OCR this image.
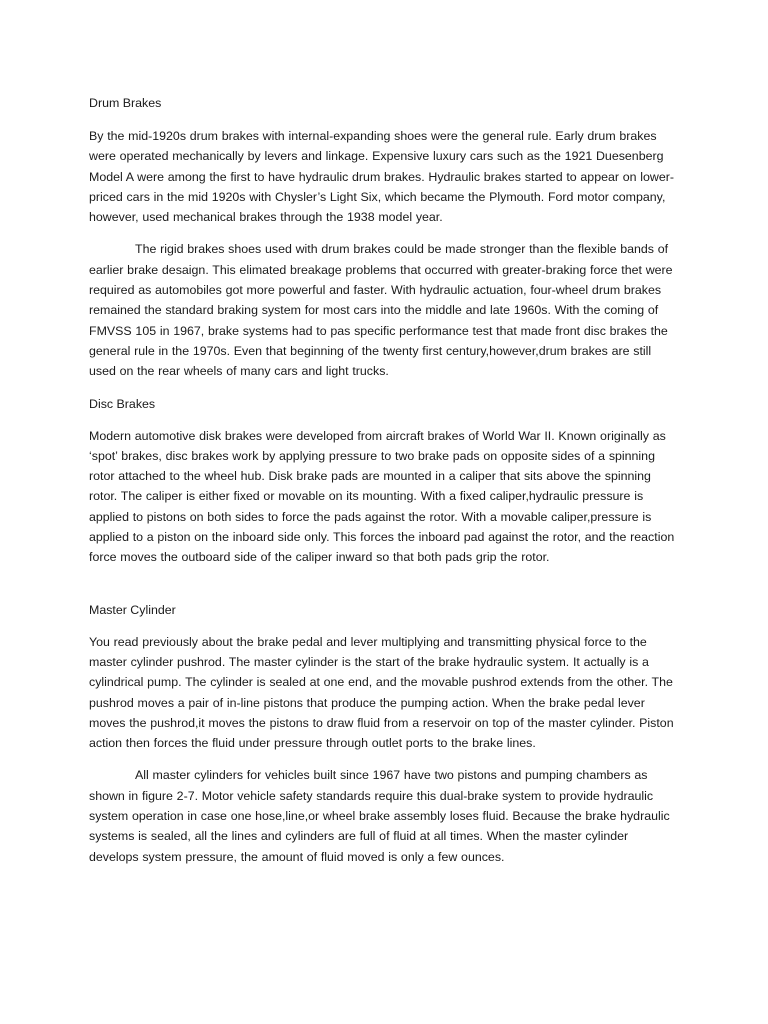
Drum Brakes

By the mid-1920s drum brakes with internal-expanding shoes were the general rule. Early drum brakes were operated mechanically by levers and linkage. Expensive luxury cars such as the 1921 Duesenberg Model A were among the first to have hydraulic drum brakes. Hydraulic brakes started to appear on lower-priced cars in the mid 1920s with Chysler’s Light Six, which became the Plymouth. Ford motor company, however, used mechanical brakes through the 1938 model year.

The rigid brakes shoes used with drum brakes could be made stronger than the flexible bands of earlier brake desaign. This elimated breakage problems that occurred with greater-braking force thet were required as automobiles got more powerful and faster. With hydraulic actuation, four-wheel drum brakes remained the standard braking system for most cars into the middle and late 1960s. With the coming of FMVSS 105 in 1967, brake systems had to pas specific performance test that made front disc brakes the general rule in the 1970s. Even that beginning of the twenty first century,however,drum brakes are still used on the rear wheels of many cars and light trucks.

Disc Brakes

Modern automotive disk brakes were developed from aircraft brakes of World War II. Known originally as ‘spot’ brakes, disc brakes work by applying pressure to two brake pads on opposite sides of a spinning rotor attached to the wheel hub. Disk brake pads are mounted in a caliper that sits above the spinning rotor. The caliper is either fixed or movable on its mounting. With a fixed caliper,hydraulic pressure is applied to pistons on both sides to force the pads against the rotor. With a movable caliper,pressure is applied to a piston on the inboard side only. This forces the inboard pad against the rotor, and the reaction force moves the outboard side of the caliper inward so that both pads grip the rotor.

Master Cylinder

You read previously about the brake pedal and lever multiplying and transmitting physical force to the master cylinder pushrod. The master cylinder is the start of the brake hydraulic system. It actually is a cylindrical pump. The cylinder is sealed at one end, and the movable pushrod extends from the other. The pushrod moves a pair of in-line pistons that produce the pumping action. When the brake pedal lever moves the pushrod,it moves the pistons to draw fluid from a reservoir on top of the master cylinder. Piston action then forces the fluid under pressure through outlet ports to the brake lines.

All master cylinders for vehicles built since 1967 have two pistons and pumping chambers as shown in figure 2-7. Motor vehicle safety standards require this dual-brake system to provide hydraulic system operation in case one hose,line,or wheel brake assembly loses fluid. Because the brake hydraulic systems is sealed, all the lines and cylinders are full of fluid at all times. When the master cylinder develops system pressure, the amount of fluid moved is only a few ounces.
